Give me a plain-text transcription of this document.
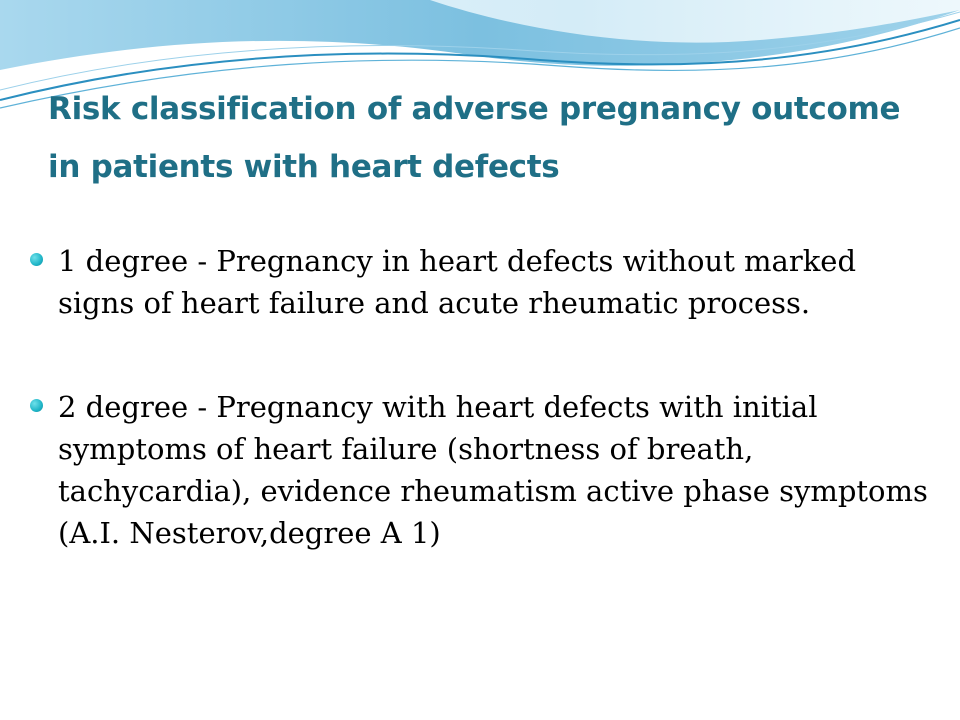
Risk classification of adverse pregnancy outcome in patients with heart defects
1 degree - Pregnancy in heart defects without marked signs of heart failure and acute rheumatic process.
2 degree - Pregnancy with heart defects with initial symptoms of heart failure (shortness of breath, tachycardia), evidence rheumatism active phase symptoms (A.I. Nesterov,degree A 1)
